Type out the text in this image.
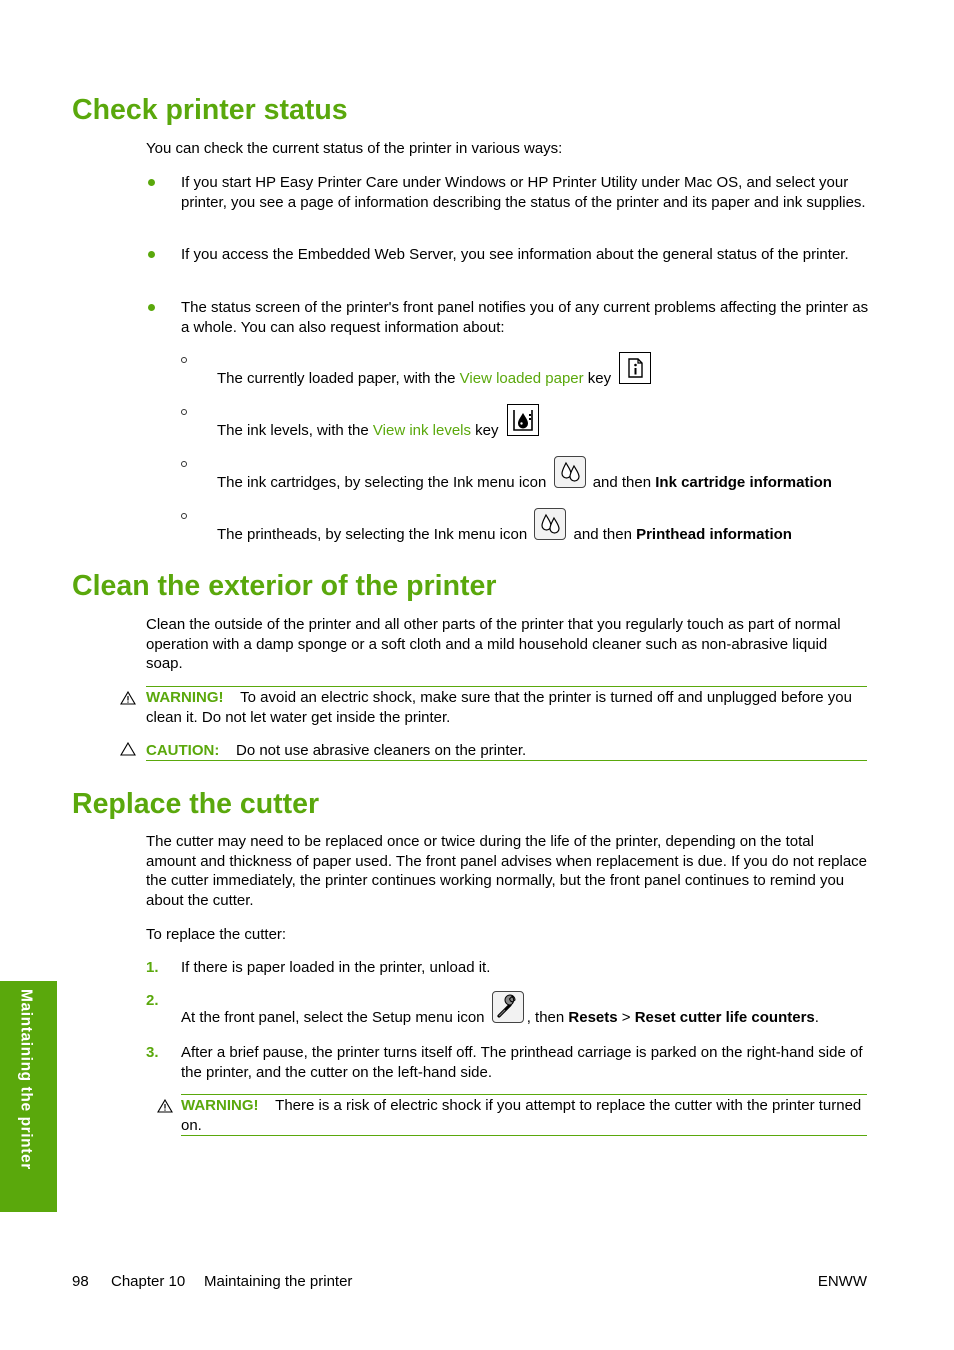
Check printer status

You can check the current status of the printer in various ways:

If you start HP Easy Printer Care under Windows or HP Printer Utility under Mac OS, and select your printer, you see a page of information describing the status of the printer and its paper and ink supplies.

If you access the Embedded Web Server, you see information about the general status of the printer.

The status screen of the printer's front panel notifies you of any current problems affecting the printer as a whole. You can also request information about:

The currently loaded paper, with the View loaded paper key
The ink levels, with the View ink levels key
The ink cartridges, by selecting the Ink menu icon	and then Ink cartridge information
The printheads, by selecting the Ink menu icon	and then Printhead information
Clean the exterior of the printer

Clean the outside of the printer and all other parts of the printer that you regularly touch as part of normal operation with a damp sponge or a soft cloth and a mild household cleaner such as non-abrasive liquid soap.

WARNING! To avoid an electric shock, make sure that the printer is turned off and unplugged before you clean it. Do not let water get inside the printer.

CAUTION: Do not use abrasive cleaners on the printer.

Replace the cutter

The cutter may need to be replaced once or twice during the life of the printer, depending on the total amount and thickness of paper used. The front panel advises when replacement is due. If you do not replace the cutter immediately, the printer continues working normally, but the front panel continues to remind you about the cutter.

To replace the cutter:

1. If there is paper loaded in the printer, unload it.

2.
At the front panel, select the Setup menu icon	, then Resets > Reset cutter life counters.
3. After a brief pause, the printer turns itself off. The printhead carriage is parked on the right-hand side of the printer, and the cutter on the left-hand side.

WARNING! There is a risk of electric shock if you attempt to replace the cutter with the printer turned on.

Maintaining the printer
98 Chapter 10 Maintaining the printer	ENWW
